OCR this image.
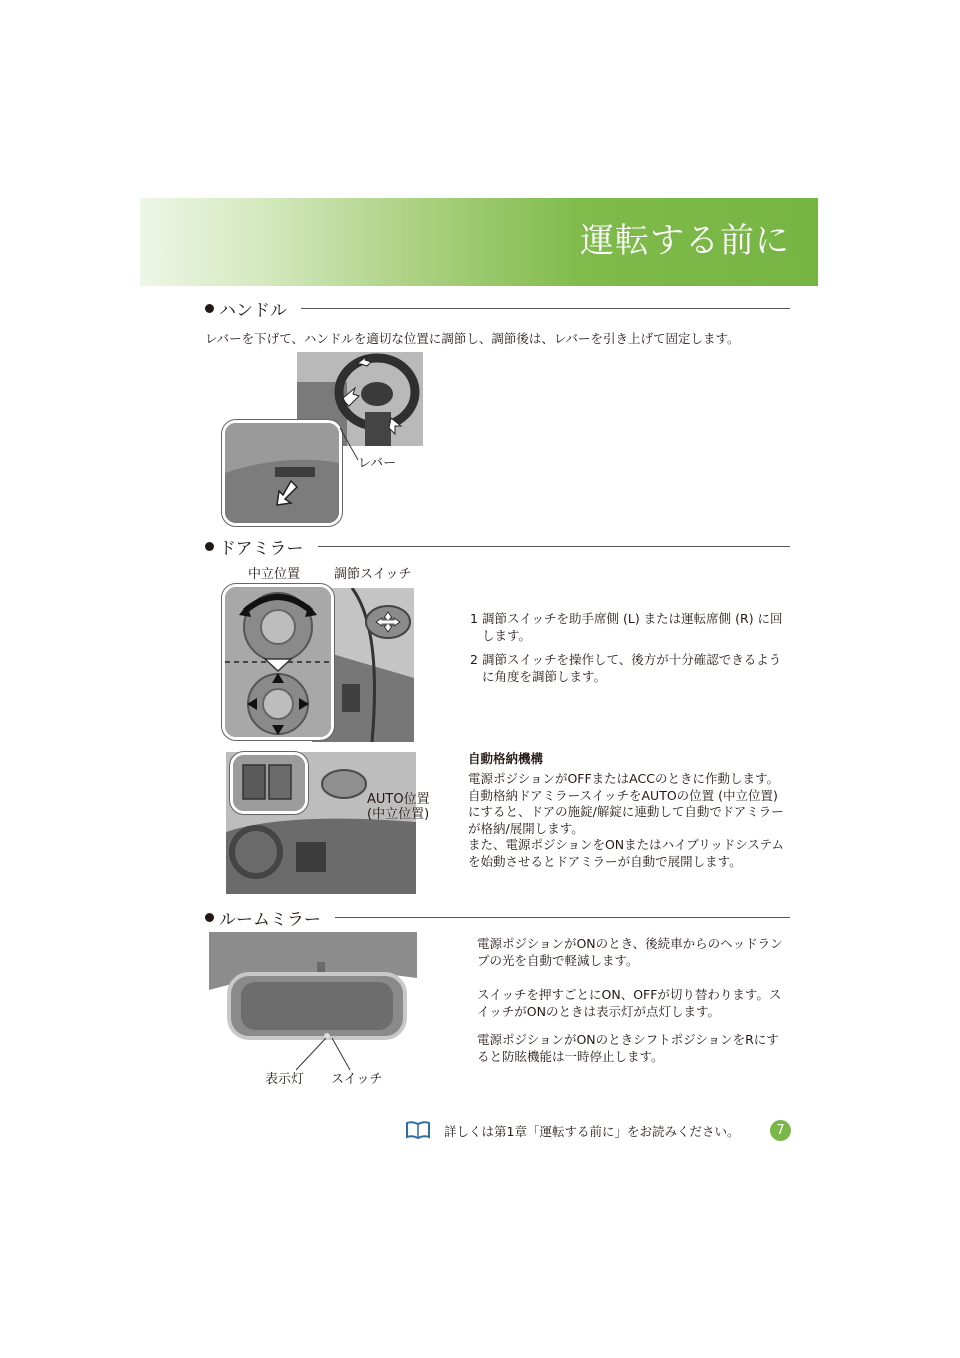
運転する前に
ハンドル
レバーを下げて、ハンドルを適切な位置に調節し、調節後は、レバーを引き上げて固定します。
レバー
ドアミラー
中立位置	調節スイッチ
1 調節スイッチを助手席側 (L) または運転席側 (R) に回します。
2 調節スイッチを操作して、後方が十分確認できるように角度を調節します。
AUTO位置
(中立位置)
自動格納機構
電源ポジションがOFFまたはACCのときに作動します。
自動格納ドアミラースイッチをAUTOの位置 (中立位置) にすると、ドアの施錠/解錠に連動して自動でドアミラーが格納/展開します。
また、電源ポジションをONまたはハイブリッドシステムを始動させるとドアミラーが自動で展開します。
ルームミラー
表示灯 スイッチ
電源ポジションがONのとき、後続車からのヘッドランプの光を自動で軽減します。
スイッチを押すごとにON、OFFが切り替わります。スイッチがONのときは表示灯が点灯します。
電源ポジションがONのときシフトポジションをRにすると防眩機能は一時停止します。
詳しくは第1章「運転する前に」をお読みください。	7
